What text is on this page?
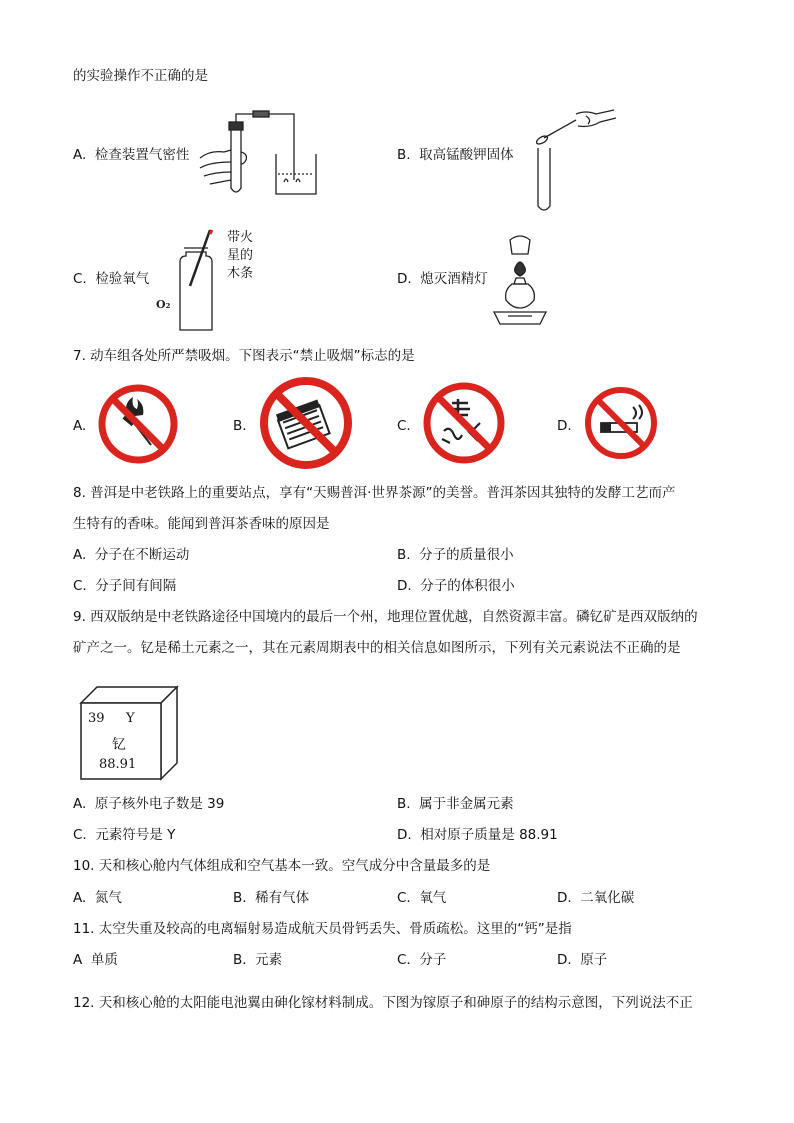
的实验操作不正确的是
A. 检查装置气密性	B. 取高锰酸钾固体
C. 检验氧气	D. 熄灭酒精灯
O₂
带火
星的
木条
7. 动车组各处所严禁吸烟。下图表示“禁止吸烟”标志的是
A.	B.	C.	D.
8. 普洱是中老铁路上的重要站点，享有“天赐普洱·世界茶源”的美誉。普洱茶因其独特的发酵工艺而产
生特有的香味。能闻到普洱茶香味的原因是
A. 分子在不断运动	B. 分子的质量很小
C. 分子间有间隔	D. 分子的体积很小
9. 西双版纳是中老铁路途径中国境内的最后一个州，地理位置优越，自然资源丰富。磷钇矿是西双版纳的
矿产之一。钇是稀土元素之一，其在元素周期表中的相关信息如图所示，下列有关元素说法不正确的是
39 Y
钇
88.91
A. 原子核外电子数是 39	B. 属于非金属元素
C. 元素符号是 Y	D. 相对原子质量是 88.91
10. 天和核心舱内气体组成和空气基本一致。空气成分中含量最多的是
A. 氮气	B. 稀有气体	C. 氧气	D. 二氧化碳
11. 太空失重及较高的电离辐射易造成航天员骨钙丢失、骨质疏松。这里的“钙”是指
A 单质	B. 元素	C. 分子	D. 原子
12. 天和核心舱的太阳能电池翼由砷化镓材料制成。下图为镓原子和砷原子的结构示意图，下列说法不正
